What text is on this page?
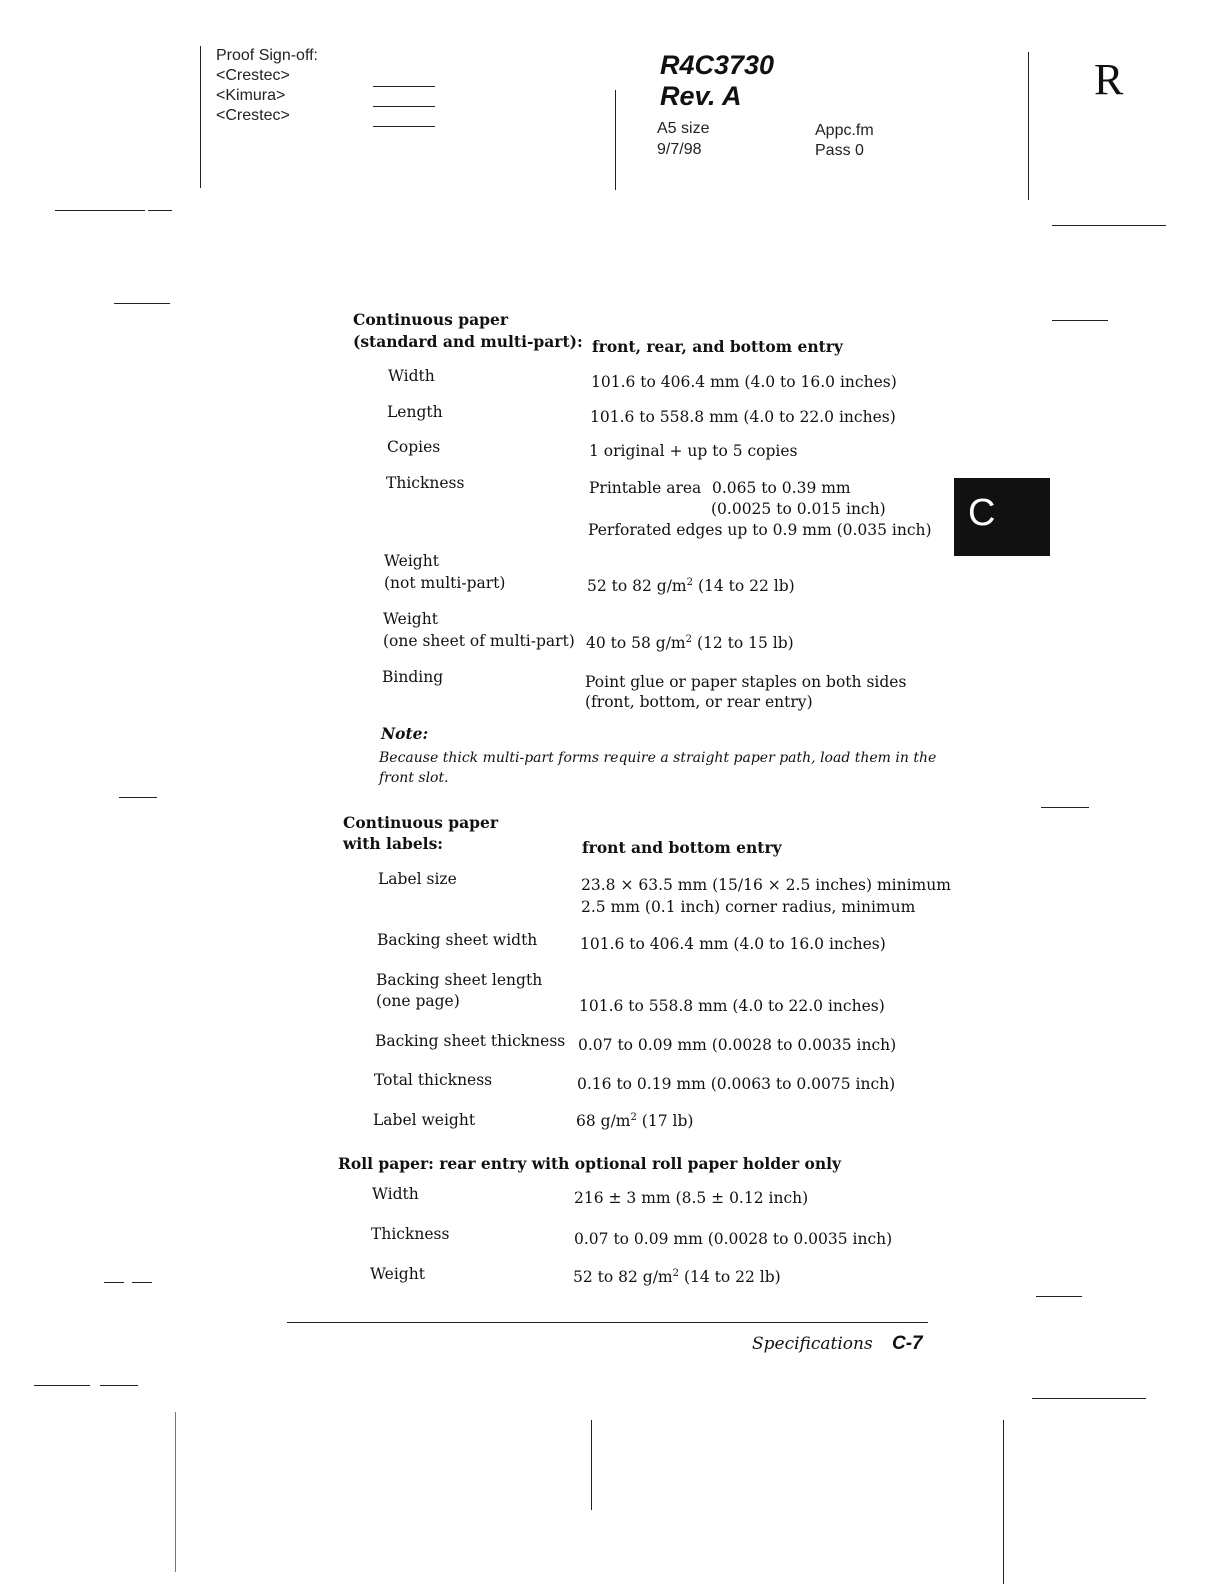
Proof Sign-off:
<Crestec>
<Kimura>
<Crestec>
R4C3730
Rev. A
A5 size
9/7/98
Appc.fm
Pass 0
R
C
Continuous paper
(standard and multi-part): front, rear, and bottom entry
Width	101.6 to 406.4 mm (4.0 to 16.0 inches)
Length	101.6 to 558.8 mm (4.0 to 22.0 inches)
Copies	1 original + up to 5 copies
Thickness	Printable area 0.065 to 0.39 mm
(0.0025 to 0.015 inch)
Perforated edges up to 0.9 mm (0.035 inch)
Weight
(not multi-part)	52 to 82 $g/m^2$ (14 to 22 lb)
Weight
(one sheet of multi-part) 40 to 58 $g/m^2$ (12 to 15 lb)
Binding	Point glue or paper staples on both sides
(front, bottom, or rear entry)
Note:
Because thick multi-part forms require a straight paper path, load them in the front slot.
Continuous paper
with labels:	front and bottom entry
Label size	23.8 × 63.5 mm (15/16 × 2.5 inches) minimum
2.5 mm (0.1 inch) corner radius, minimum
Backing sheet width	101.6 to 406.4 mm (4.0 to 16.0 inches)
Backing sheet length
(one page)	101.6 to 558.8 mm (4.0 to 22.0 inches)
Backing sheet thickness 0.07 to 0.09 mm (0.0028 to 0.0035 inch)
Total thickness	0.16 to 0.19 mm (0.0063 to 0.0075 inch)
Label weight	68 $g/m^2$ (17 lb)
Roll paper: rear entry with optional roll paper holder only
Width	216 ± 3 mm (8.5 ± 0.12 inch)
Thickness	0.07 to 0.09 mm (0.0028 to 0.0035 inch)
Weight	52 to 82 $g/m^2$ (14 to 22 lb)
Specifications C-7
